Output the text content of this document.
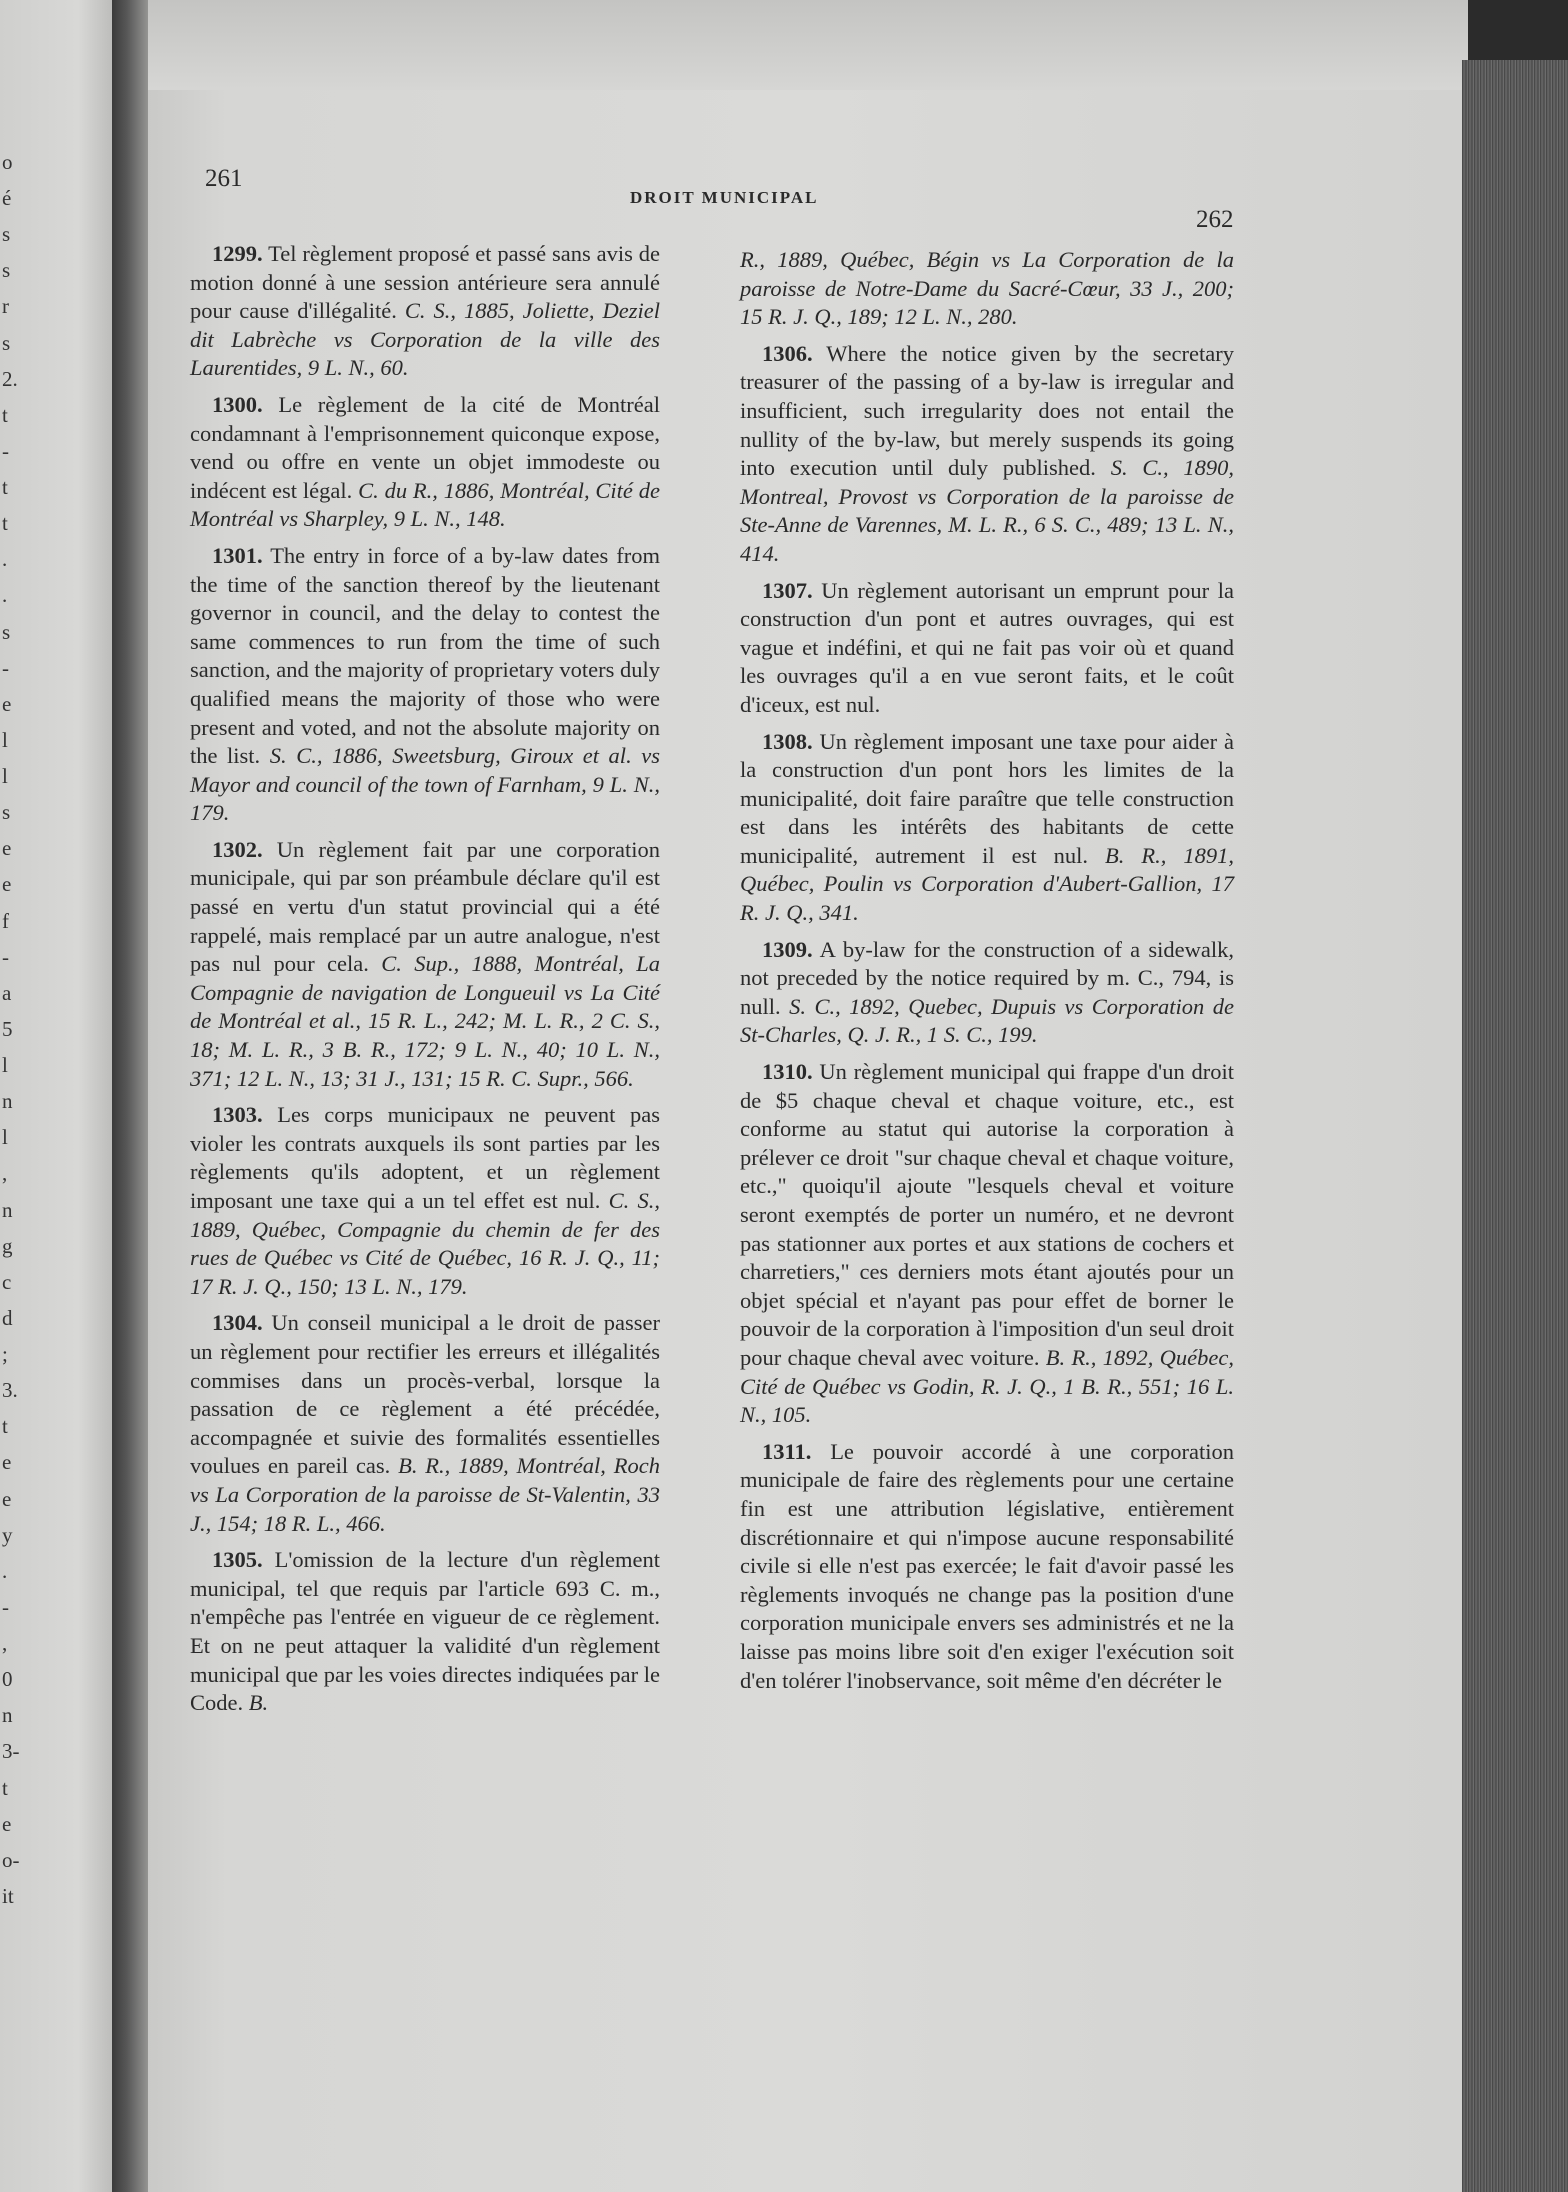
o
é
s
s
r
s
2.
t
-
t
t
.
.
s
-
e
l
l
s
e
e
f
-
a
5
l
n
l
,
n
g
c
d
;
3.
t
e
e
y
.
-
,
0
n
3-
t
e
o-
it
261
262
DROIT MUNICIPAL

1299. Tel règlement proposé et passé sans avis de motion donné à une session antérieure sera annulé pour cause d'illégalité. C. S., 1885, Joliette, Deziel dit Labrèche vs Corporation de la ville des Laurentides, 9 L. N., 60.

1300. Le règlement de la cité de Montréal condamnant à l'emprisonnement quiconque expose, vend ou offre en vente un objet immodeste ou indécent est légal. C. du R., 1886, Montréal, Cité de Montréal vs Sharpley, 9 L. N., 148.

1301. The entry in force of a by-law dates from the time of the sanction thereof by the lieutenant governor in council, and the delay to contest the same commences to run from the time of such sanction, and the majority of proprietary voters duly qualified means the majority of those who were present and voted, and not the absolute majority on the list. S. C., 1886, Sweetsburg, Giroux et al. vs Mayor and council of the town of Farnham, 9 L. N., 179.

1302. Un règlement fait par une corporation municipale, qui par son préambule déclare qu'il est passé en vertu d'un statut provincial qui a été rappelé, mais remplacé par un autre analogue, n'est pas nul pour cela. C. Sup., 1888, Montréal, La Compagnie de navigation de Longueuil vs La Cité de Montréal et al., 15 R. L., 242; M. L. R., 2 C. S., 18; M. L. R., 3 B. R., 172; 9 L. N., 40; 10 L. N., 371; 12 L. N., 13; 31 J., 131; 15 R. C. Supr., 566.

1303. Les corps municipaux ne peuvent pas violer les contrats auxquels ils sont parties par les règlements qu'ils adoptent, et un règlement imposant une taxe qui a un tel effet est nul. C. S., 1889, Québec, Compagnie du chemin de fer des rues de Québec vs Cité de Québec, 16 R. J. Q., 11; 17 R. J. Q., 150; 13 L. N., 179.

1304. Un conseil municipal a le droit de passer un règlement pour rectifier les erreurs et illégalités commises dans un procès-verbal, lorsque la passation de ce règlement a été précédée, accompagnée et suivie des formalités essentielles voulues en pareil cas. B. R., 1889, Montréal, Roch vs La Corporation de la paroisse de St-Valentin, 33 J., 154; 18 R. L., 466.

1305. L'omission de la lecture d'un règlement municipal, tel que requis par l'article 693 C. m., n'empêche pas l'entrée en vigueur de ce règlement. Et on ne peut attaquer la validité d'un règlement municipal que par les voies directes indiquées par le Code. B.

R., 1889, Québec, Bégin vs La Corporation de la paroisse de Notre-Dame du Sacré-Cœur, 33 J., 200; 15 R. J. Q., 189; 12 L. N., 280.

1306. Where the notice given by the secretary treasurer of the passing of a by-law is irregular and insufficient, such irregularity does not entail the nullity of the by-law, but merely suspends its going into execution until duly published. S. C., 1890, Montreal, Provost vs Corporation de la paroisse de Ste-Anne de Varennes, M. L. R., 6 S. C., 489; 13 L. N., 414.

1307. Un règlement autorisant un emprunt pour la construction d'un pont et autres ouvrages, qui est vague et indéfini, et qui ne fait pas voir où et quand les ouvrages qu'il a en vue seront faits, et le coût d'iceux, est nul.

1308. Un règlement imposant une taxe pour aider à la construction d'un pont hors les limites de la municipalité, doit faire paraître que telle construction est dans les intérêts des habitants de cette municipalité, autrement il est nul. B. R., 1891, Québec, Poulin vs Corporation d'Aubert-Gallion, 17 R. J. Q., 341.

1309. A by-law for the construction of a sidewalk, not preceded by the notice required by m. C., 794, is null. S. C., 1892, Quebec, Dupuis vs Corporation de St-Charles, Q. J. R., 1 S. C., 199.

1310. Un règlement municipal qui frappe d'un droit de $5 chaque cheval et chaque voiture, etc., est conforme au statut qui autorise la corporation à prélever ce droit "sur chaque cheval et chaque voiture, etc.," quoiqu'il ajoute "lesquels cheval et voiture seront exemptés de porter un numéro, et ne devront pas stationner aux portes et aux stations de cochers et charretiers," ces derniers mots étant ajoutés pour un objet spécial et n'ayant pas pour effet de borner le pouvoir de la corporation à l'imposition d'un seul droit pour chaque cheval avec voiture. B. R., 1892, Québec, Cité de Québec vs Godin, R. J. Q., 1 B. R., 551; 16 L. N., 105.

1311. Le pouvoir accordé à une corporation municipale de faire des règlements pour une certaine fin est une attribution législative, entièrement discrétionnaire et qui n'impose aucune responsabilité civile si elle n'est pas exercée; le fait d'avoir passé les règlements invoqués ne change pas la position d'une corporation municipale envers ses administrés et ne la laisse pas moins libre soit d'en exiger l'exécution soit d'en tolérer l'inobservance, soit même d'en décréter le
